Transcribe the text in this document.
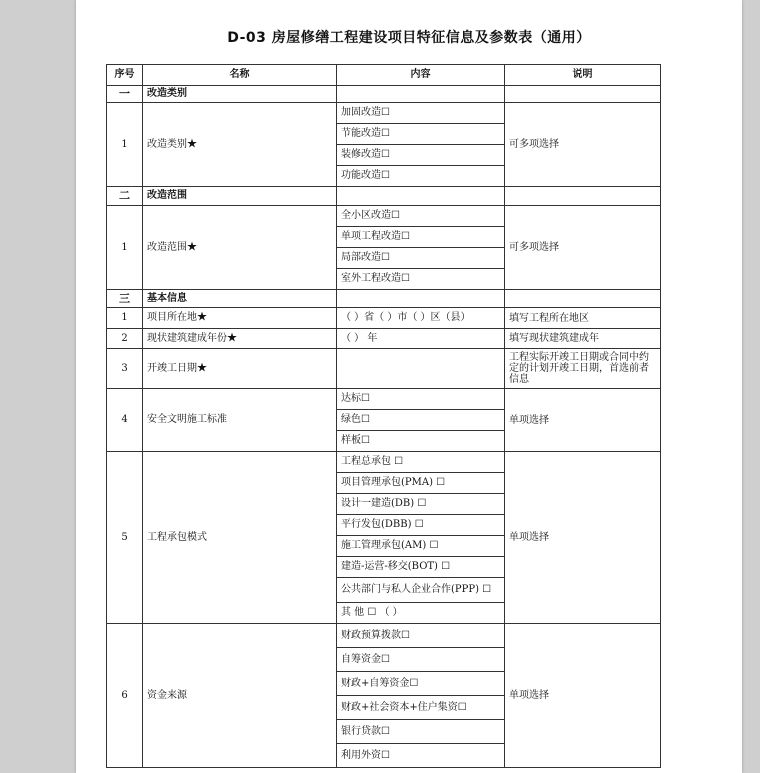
D-03 房屋修缮工程建设项目特征信息及参数表（通用）
序号	名称	内容	说明
一	改造类别		
1	改造类别★	加固改造☐	可多项选择
		节能改造☐	
		装修改造☐	
		功能改造☐	
二	改造范围		
1	改造范围★	全小区改造☐	可多项选择
		单项工程改造☐	
		局部改造☐	
		室外工程改造☐	
三	基本信息		
1	项目所在地★	（ ）省（ ）市（ ）区（县）	填写工程所在地区
2	现状建筑建成年份★	（ ） 年	填写现状建筑建成年
3	开竣工日期★		工程实际开竣工日期或合同中约定的计划开竣工日期，首选前者信息
4	安全文明施工标准	达标☐	单项选择
		绿色☐	
		样板☐	
5	工程承包模式	工程总承包 ☐	单项选择
		项目管理承包(PMA) ☐	
		设计一建造(DB) ☐	
		平行发包(DBB) ☐	
		施工管理承包(AM) ☐	
		建造-运营-移交(BOT) ☐	
		公共部门与私人企业合作(PPP) ☐	
		其 他 ☐ （ ）	
6	资金来源	财政预算拨款☐	单项选择
		自筹资金☐	
		财政+自筹资金☐	
		财政+社会资本+住户集资☐	
		银行贷款☐	
		利用外资☐	
